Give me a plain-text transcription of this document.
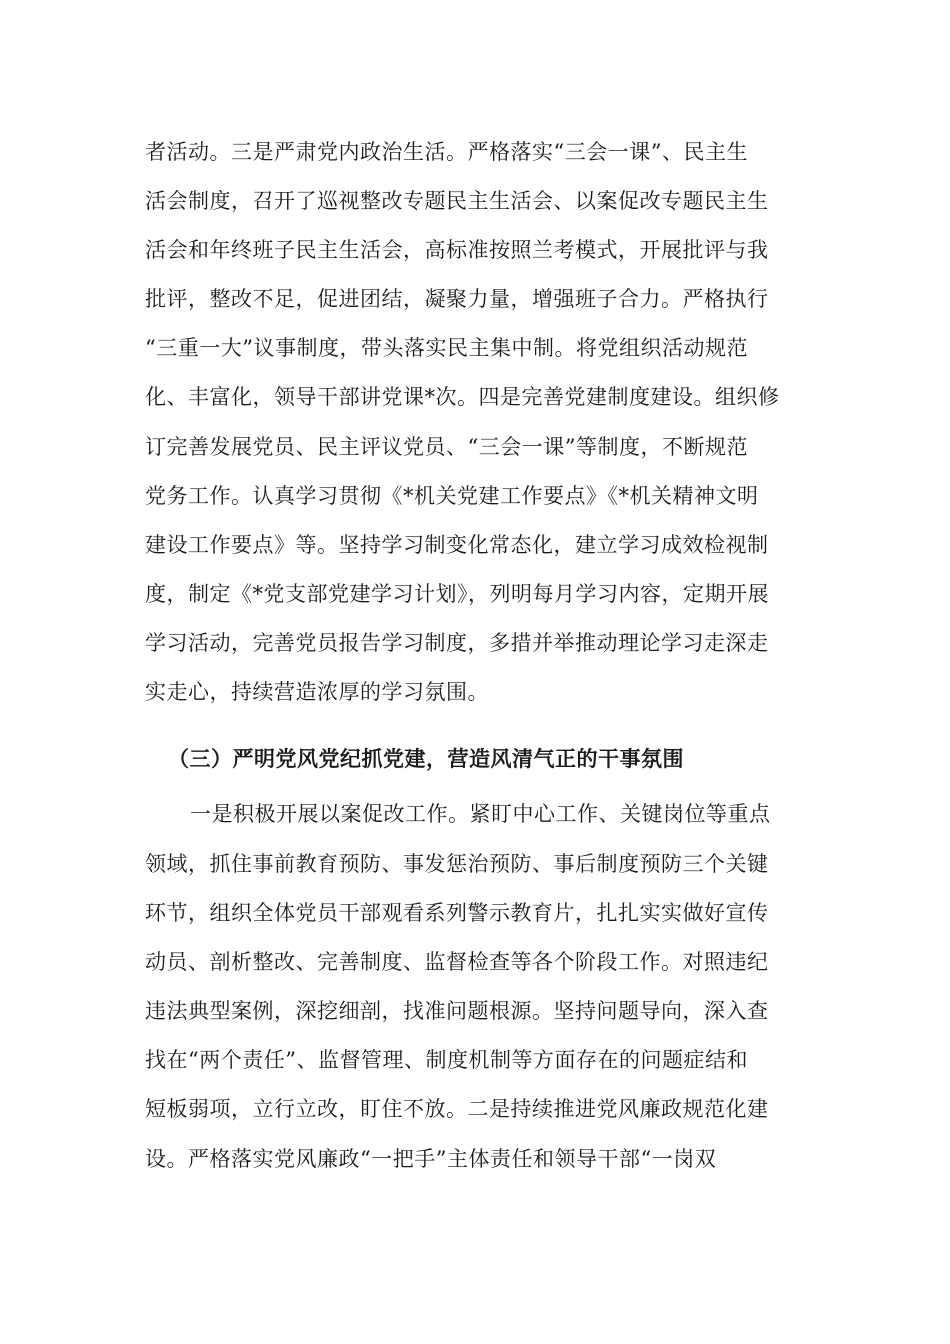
者活动。三是严肃党内政治生活。严格落实“三会一课”、民主生
活会制度，召开了巡视整改专题民主生活会、以案促改专题民主生
活会和年终班子民主生活会，高标准按照兰考模式，开展批评与我
批评，整改不足，促进团结，凝聚力量，增强班子合力。严格执行
“三重一大”议事制度，带头落实民主集中制。将党组织活动规范
化、丰富化，领导干部讲党课*次。四是完善党建制度建设。组织修
订完善发展党员、民主评议党员、“三会一课”等制度，不断规范
党务工作。认真学习贯彻《*机关党建工作要点》《*机关精神文明
建设工作要点》等。坚持学习制变化常态化，建立学习成效检视制
度，制定《*党支部党建学习计划》，列明每月学习内容，定期开展
学习活动，完善党员报告学习制度，多措并举推动理论学习走深走
实走心，持续营造浓厚的学习氛围。
（三）严明党风党纪抓党建，营造风清气正的干事氛围
一是积极开展以案促改工作。紧盯中心工作、关键岗位等重点
领域，抓住事前教育预防、事发惩治预防、事后制度预防三个关键
环节，组织全体党员干部观看系列警示教育片，扎扎实实做好宣传
动员、剖析整改、完善制度、监督检查等各个阶段工作。对照违纪
违法典型案例，深挖细剖，找准问题根源。坚持问题导向，深入查
找在“两个责任”、监督管理、制度机制等方面存在的问题症结和
短板弱项，立行立改，盯住不放。二是持续推进党风廉政规范化建
设。严格落实党风廉政“一把手”主体责任和领导干部“一岗双
